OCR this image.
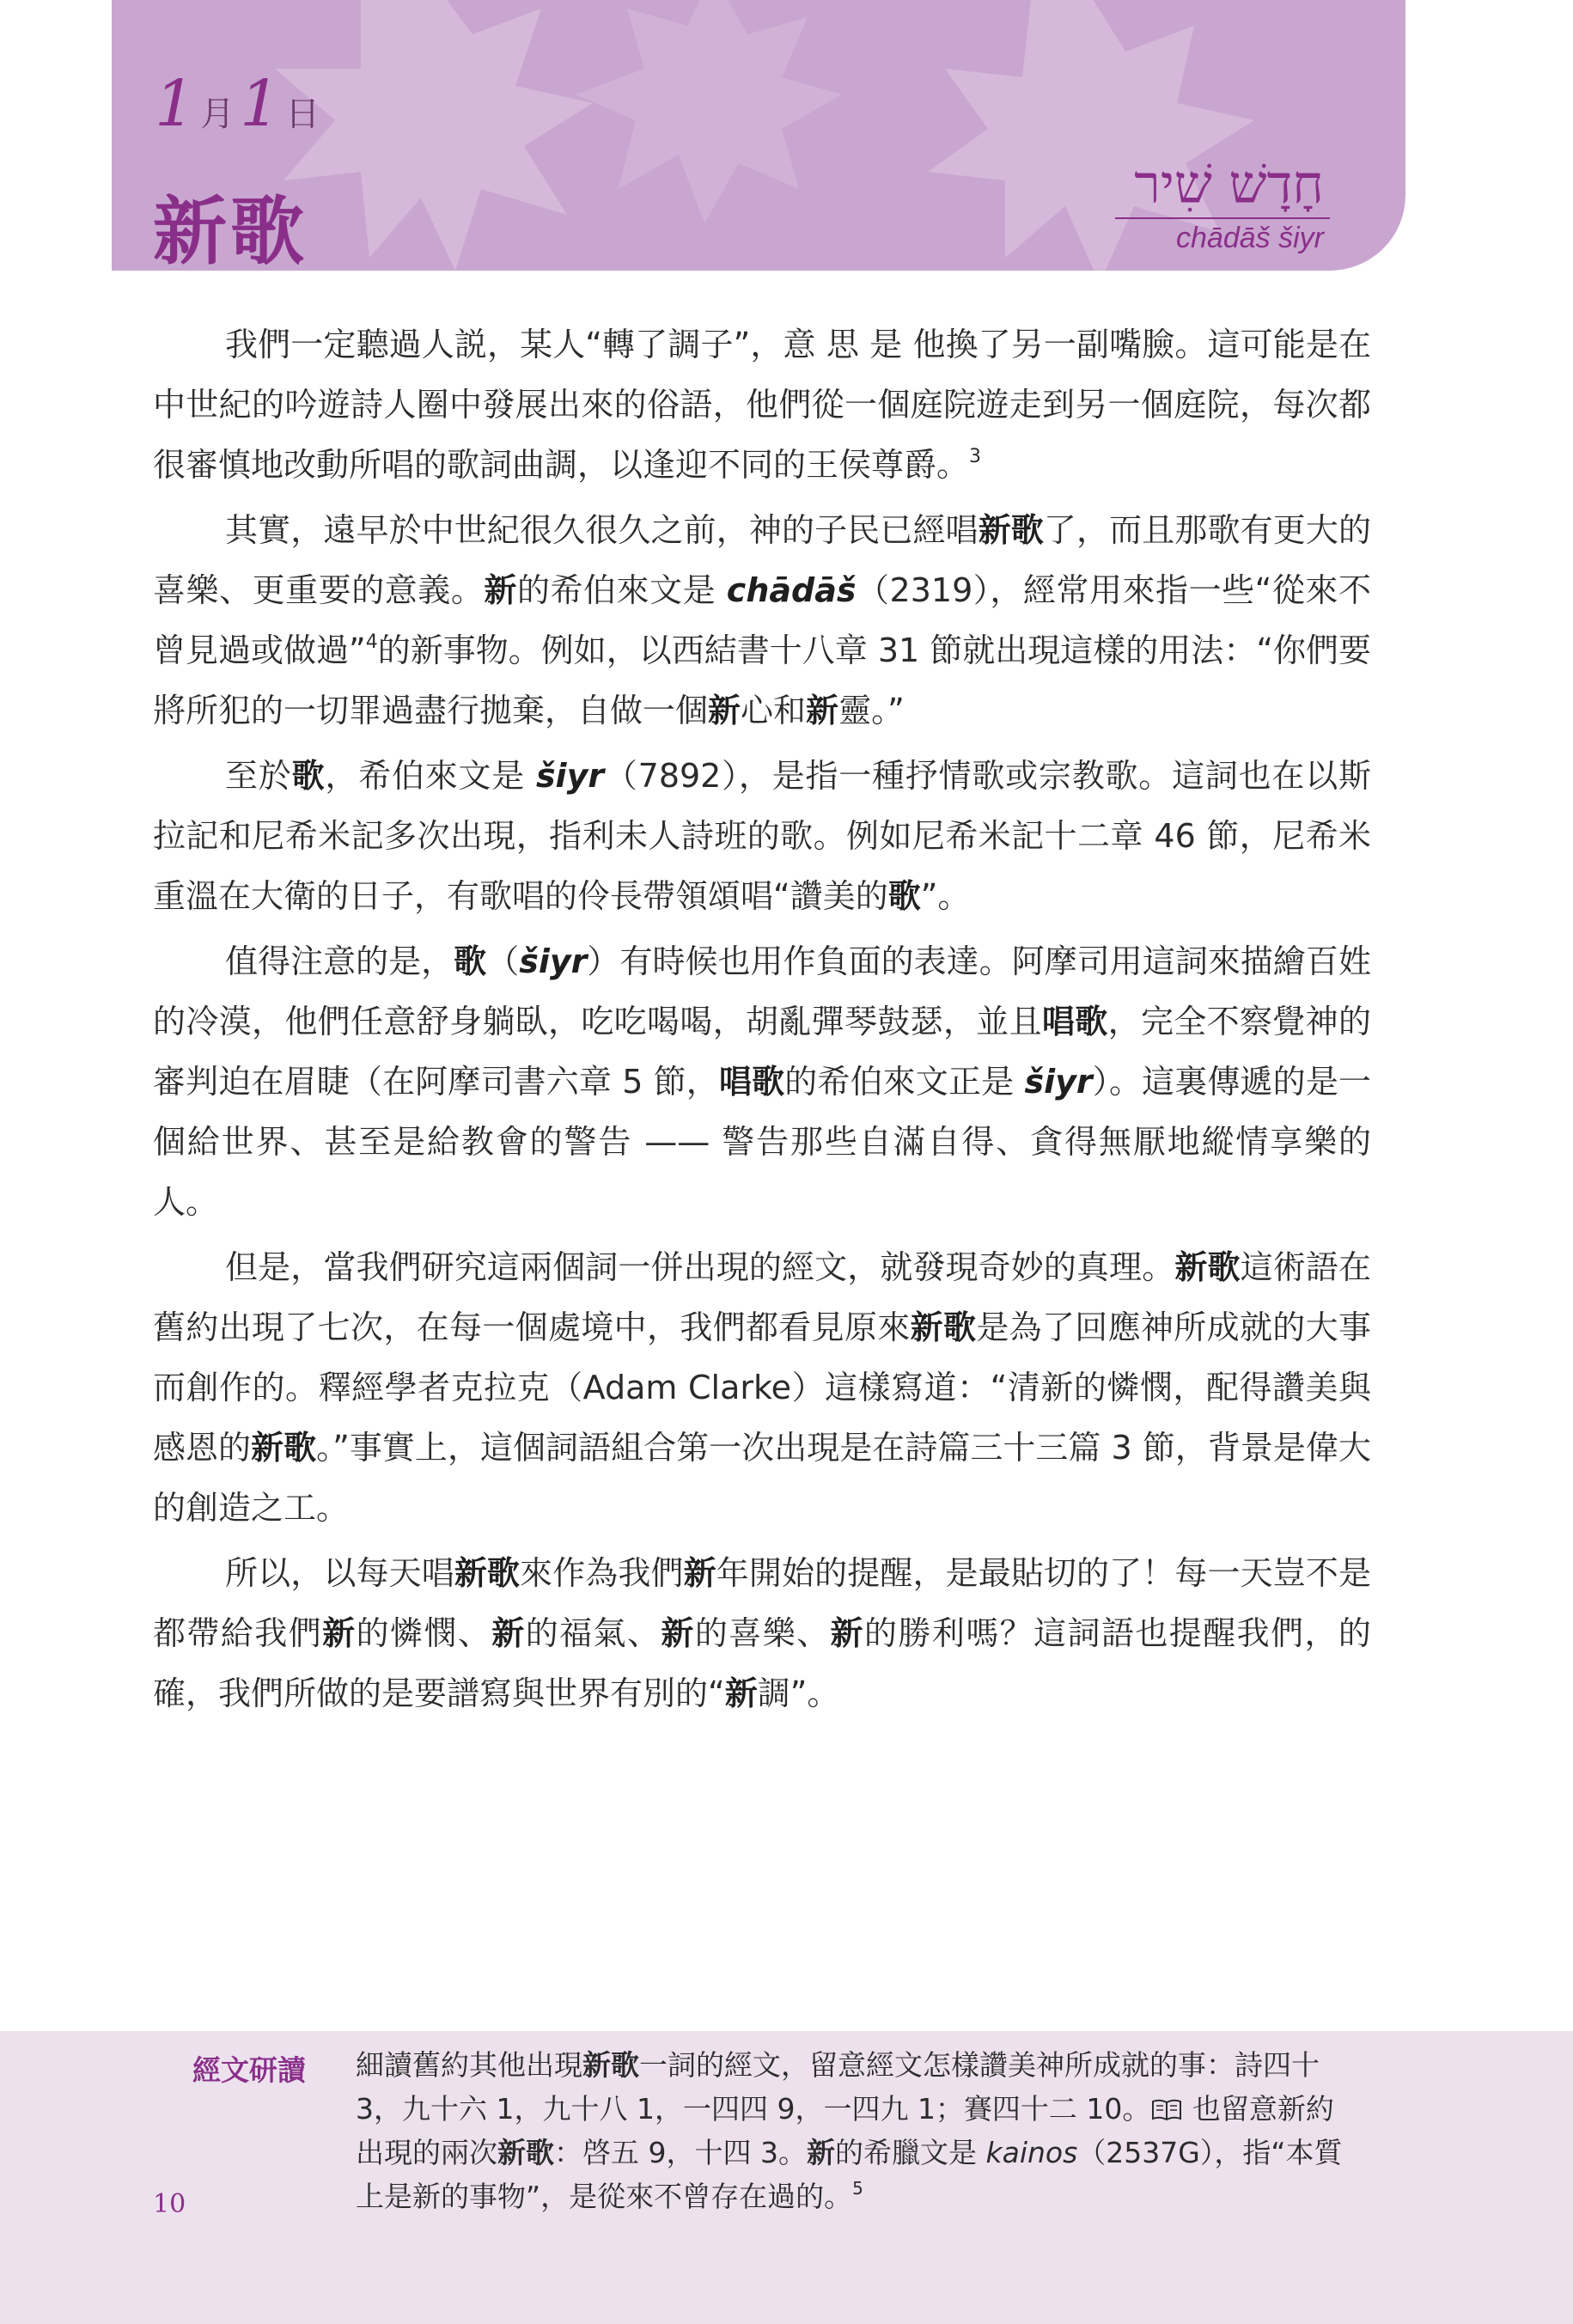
1 月1 日
新歌
חָדָשׁ שִׁיר
chādāš šiyr

我們一定聽過人説，某人“轉了調子”，意 思 是 他換了另一副嘴臉。這可能是在中世紀的吟遊詩人圈中發展出來的俗語，他們從一個庭院遊走到另一個庭院，每次都很審慎地改動所唱的歌詞曲調，以逢迎不同的王侯尊爵。$^3$

其實，遠早於中世紀很久很久之前，神的子民已經唱新歌了，而且那歌有更大的喜樂、更重要的意義。新的希伯來文是 chādāš（2319），經常用來指一些“從來不曾見過或做過”$^4$的新事物。例如，以西結書十八章 31 節就出現這樣的用法：“你們要將所犯的一切罪過盡行拋棄，自做一個新心和新靈。”

至於歌，希伯來文是 šiyr（7892），是指一種抒情歌或宗教歌。這詞也在以斯拉記和尼希米記多次出現，指利未人詩班的歌。例如尼希米記十二章 46 節，尼希米重溫在大衛的日子，有歌唱的伶長帶領頌唱“讚美的歌”。

值得注意的是，歌（šiyr）有時候也用作負面的表達。阿摩司用這詞來描繪百姓的冷漠，他們任意舒身躺臥，吃吃喝喝，胡亂彈琴鼓瑟，並且唱歌，完全不察覺神的審判迫在眉睫（在阿摩司書六章 5 節，唱歌的希伯來文正是 šiyr）。這裏傳遞的是一個給世界、甚至是給教會的警告 —— 警告那些自滿自得、貪得無厭地縱情享樂的人。

但是，當我們研究這兩個詞一併出現的經文，就發現奇妙的真理。新歌這術語在舊約出現了七次，在每一個處境中，我們都看見原來新歌是為了回應神所成就的大事而創作的。釋經學者克拉克（Adam Clarke）這樣寫道：“清新的憐憫，配得讚美與感恩的新歌。”事實上，這個詞語組合第一次出現是在詩篇三十三篇 3 節，背景是偉大的創造之工。

所以，以每天唱新歌來作為我們新年開始的提醒，是最貼切的了！每一天豈不是都帶給我們新的憐憫、新的福氣、新的喜樂、新的勝利嗎？這詞語也提醒我們，的確，我們所做的是要譜寫與世界有別的“新調”。

經文研讀 細讀舊約其他出現新歌一詞的經文，留意經文怎樣讚美神所成就的事：詩四十 3，九十六 1，九十八 1，一四四 9，一四九 1；賽四十二 10。 也留意新約出現的兩次新歌：啓五 9，十四 3。新的希臘文是 kainos（2537G），指“本質上是新的事物”，是從來不曾存在過的。$^5$
10
